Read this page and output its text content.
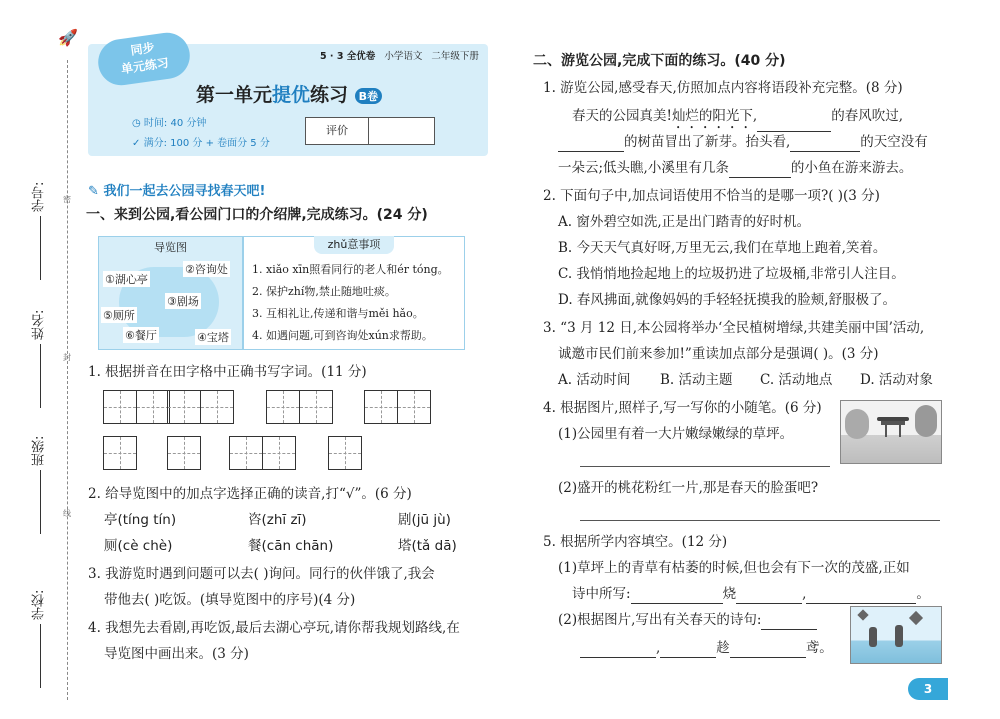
🚀
密
封
线
学号:
姓名:
班级:
学校:
同步
单元练习	5 · 3 全优卷 小学语文 二年级下册
第一单元提优练习 B卷
◷ 时间: 40 分钟
✓ 满分: 100 分 + 卷面分 5 分
评价
✎ 我们一起去公园寻找春天吧!
一、来到公园,看公园门口的介绍牌,完成练习。(24 分)
导览图
①湖心亭
②咨询处
③剧场
⑤厕所
⑥餐厅	④宝塔
zhǔ意事项
1. xiǎo xīn照看同行的老人和ér tóng。
2. 保护zhí物,禁止随地吐痰。
3. 互相礼让,传递和谐与měi hǎo。
4. 如遇问题,可到咨询处xún求帮助。
1. 根据拼音在田字格中正确书写字词。(11 分)
2. 给导览图中的加点字选择正确的读音,打“√”。(6 分)
亭(tíng tín)	咨(zhī zī)	剧(jū jù)
厕(cè chè)	餐(cān chān)	塔(tǎ dā)
3. 我游览时遇到问题可以去( )询问。同行的伙伴饿了,我会
带他去( )吃饭。(填导览图中的序号)(4 分)
4. 我想先去看剧,再吃饭,最后去湖心亭玩,请你帮我规划路线,在
导览图中画出来。(3 分)
二、游览公园,完成下面的练习。(40 分)
1. 游览公园,感受春天,仿照加点内容将语段补充完整。(8 分)
春天的公园真美!灿烂的阳光下,	的春风吹过,
的树苗冒出了新芽。抬头看,	的天空没有
一朵云;低头瞧,小溪里有几条	的小鱼在游来游去。
2. 下面句子中,加点词语使用不恰当的是哪一项?( )(3 分)
A. 窗外碧空如洗,正是出门踏青的好时机。
B. 今天天气真好呀,万里无云,我们在草地上跑着,笑着。
C. 我悄悄地捡起地上的垃圾扔进了垃圾桶,非常引人注目。
D. 春风拂面,就像妈妈的手轻轻抚摸我的脸颊,舒服极了。
3. “3 月 12 日,本公园将举办‘全民植树增绿,共建美丽中国’活动,
诚邀市民们前来参加!”重读加点部分是强调( )。(3 分)
A. 活动时间 B. 活动主题 C. 活动地点 D. 活动对象
4. 根据图片,照样子,写一写你的小随笔。(6 分)
(1)公园里有着一大片嫩绿嫩绿的草坪。
(2)盛开的桃花粉红一片,那是春天的脸蛋吧?
5. 根据所学内容填空。(12 分)
(1)草坪上的青草有枯萎的时候,但也会有下一次的茂盛,正如
诗中所写:	烧	,	。
(2)根据图片,写出有关春天的诗句:
,	趁	鸢。
3
